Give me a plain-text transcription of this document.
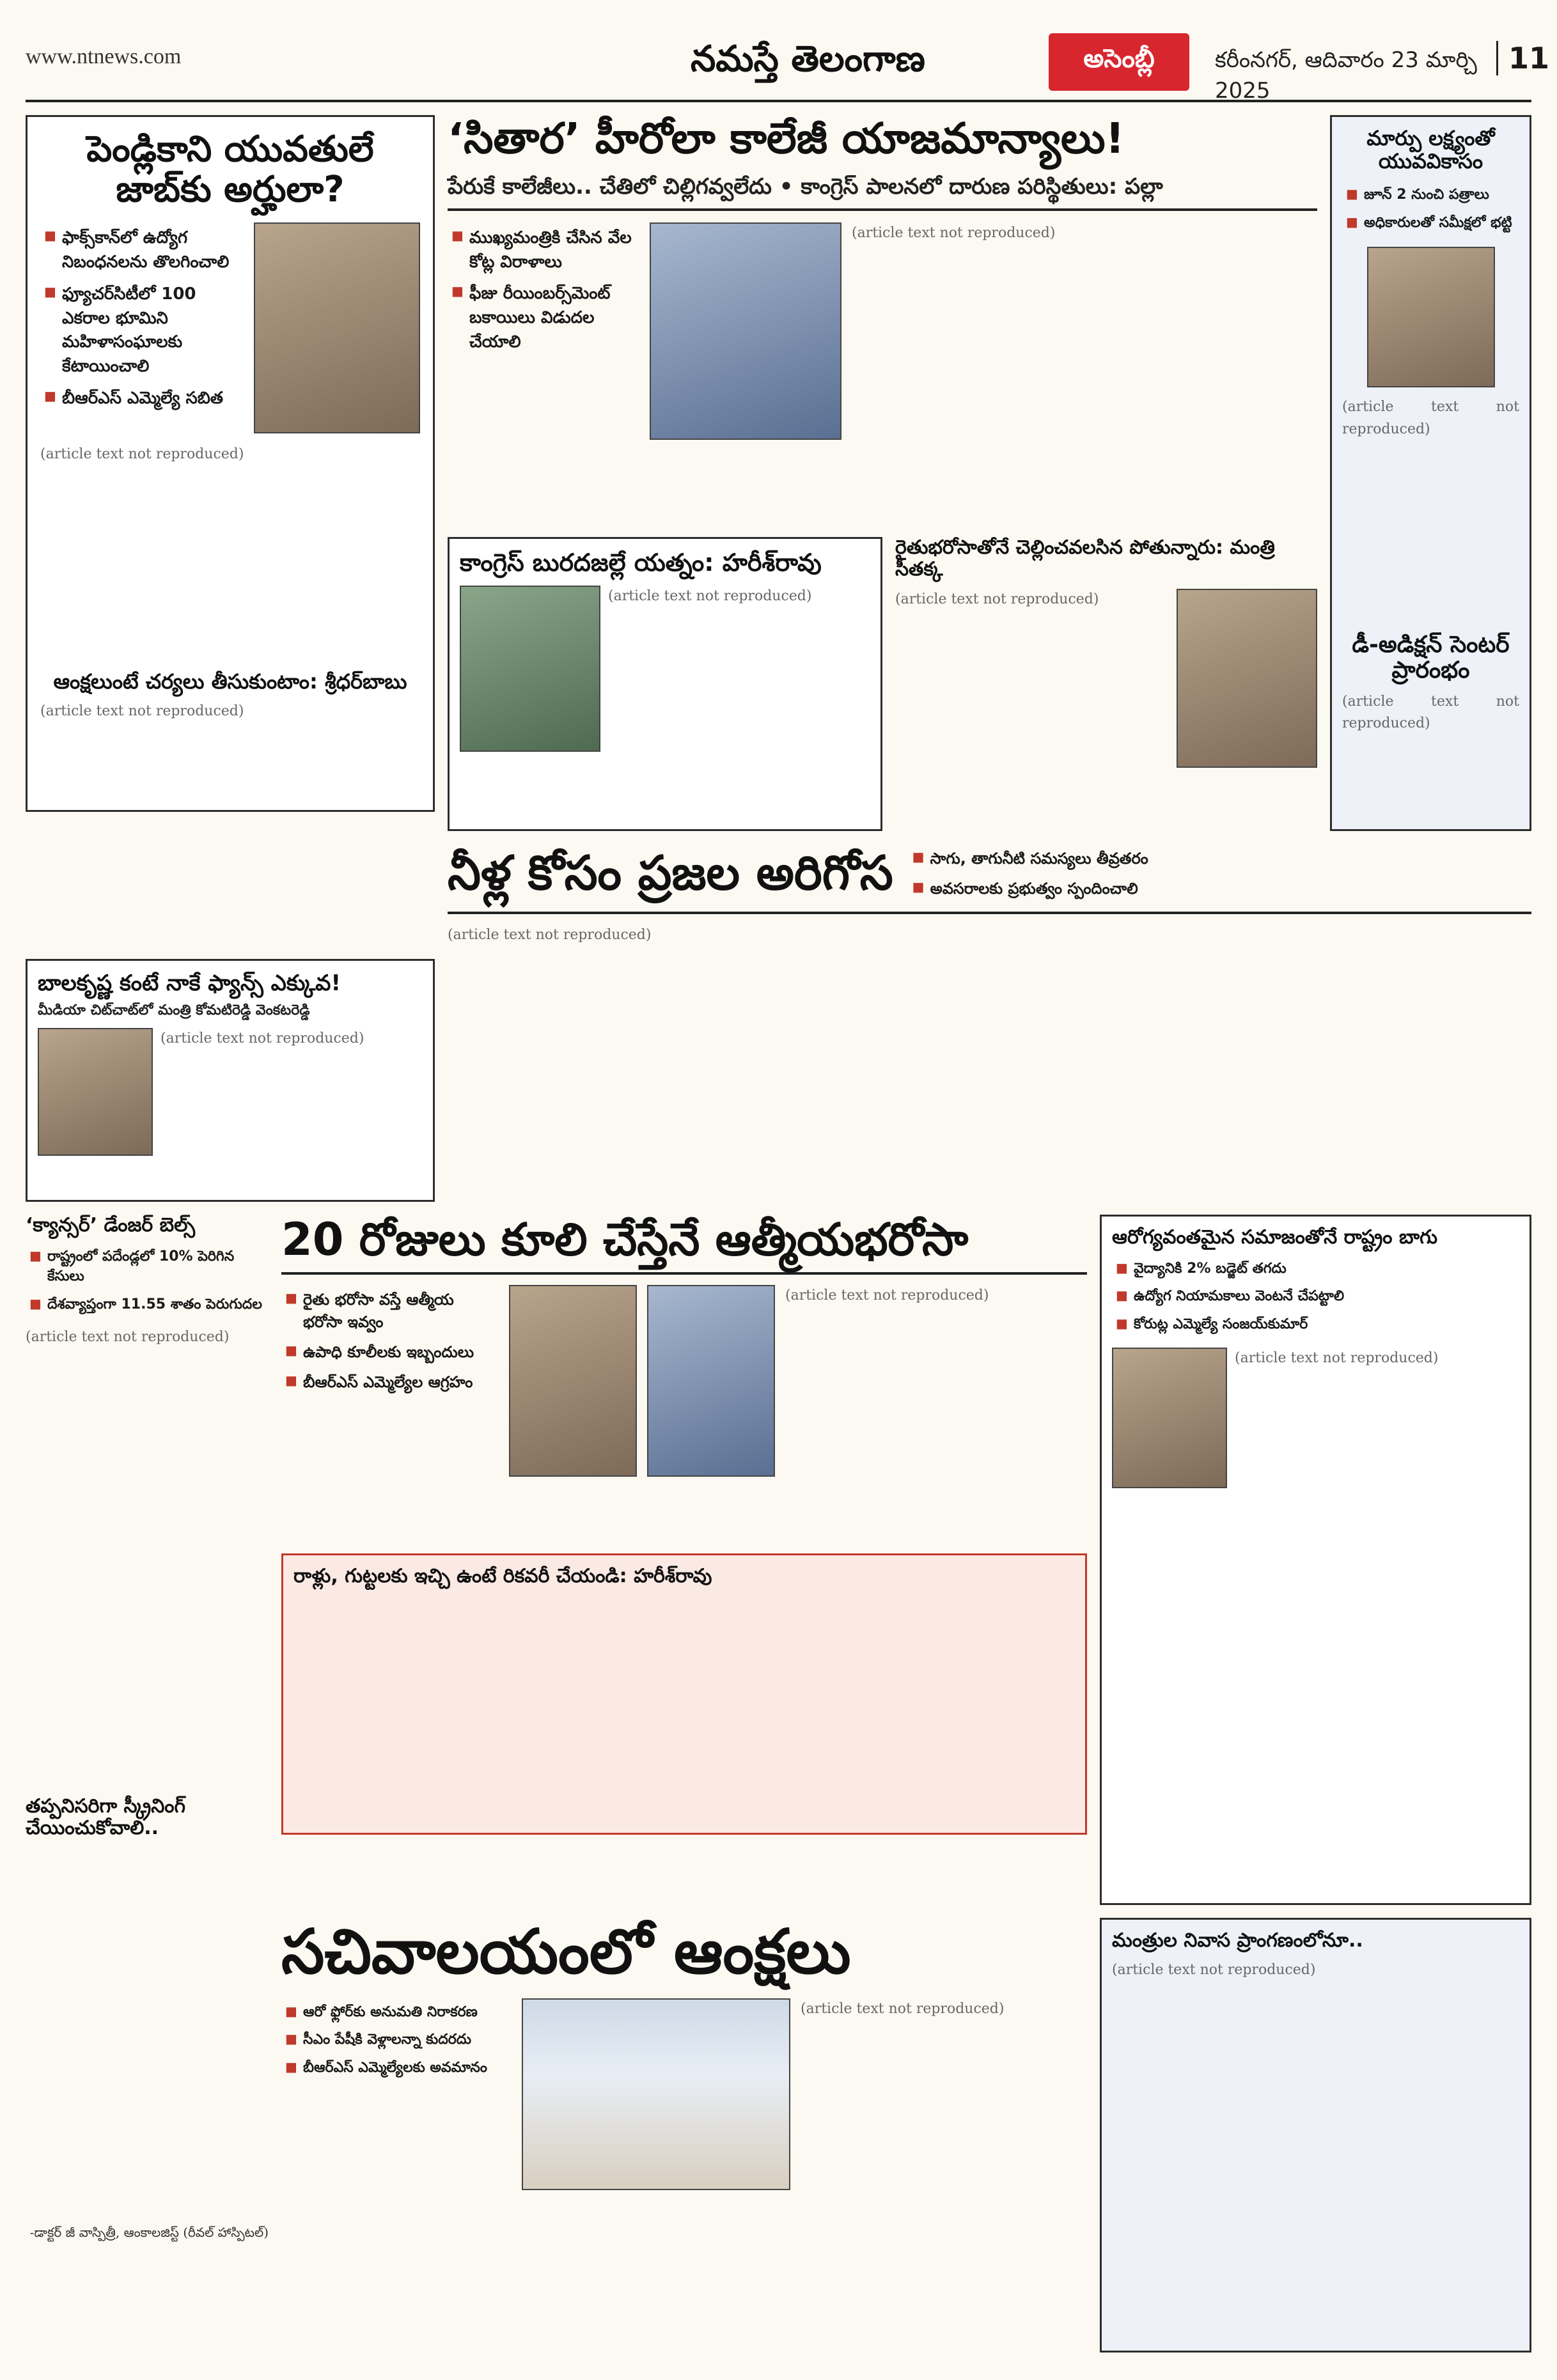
www.ntnews.com	నమస్తే తెలంగాణ	అసెంబ్లీ	కరీంనగర్, ఆదివారం 23 మార్చి 2025
11
పెండ్లికాని యువతులే జాబ్‌కు అర్హులా?
■ ఫాక్స్‌కాన్‌లో ఉద్యోగ నిబంధనలను తొలగించాలి
■ ఫ్యూచర్‌సిటీలో 100 ఎకరాల భూమిని మహిళాసంఘాలకు కేటాయించాలి
■ బీఆర్‌ఎస్ ఎమ్మెల్యే సబిత
(article text not reproduced)
ఆంక్షలుంటే చర్యలు తీసుకుంటాం: శ్రీధర్‌బాబు
(article text not reproduced)
‘సితార’ హీరోలా కాలేజీ యాజమాన్యాలు!
పేరుకే కాలేజీలు.. చేతిలో చిల్లిగవ్వలేదు • కాంగ్రెస్ పాలనలో దారుణ పరిస్థితులు: పల్లా
■ ముఖ్యమంత్రికి చేసిన వేల కోట్ల విరాళాలు
■ ఫీజు రీయింబర్స్‌మెంట్ బకాయిలు విడుదల చేయాలి
(article text not reproduced)
కాంగ్రెస్ బురదజల్లే యత్నం: హరీశ్‌రావు
(article text not reproduced)
రైతుభరోసాతోనే చెల్లించవలసిన పోతున్నారు: మంత్రి సీతక్క
(article text not reproduced)
మార్పు లక్ష్యంతో యువవికాసం
■ జూన్ 2 నుంచి పత్రాలు
■ అధికారులతో సమీక్షలో భట్టి
(article text not reproduced)
డీ-అడిక్షన్ సెంటర్ ప్రారంభం
(article text not reproduced)
నీళ్ల కోసం ప్రజల అరిగోస
■	సాగు, తాగునీటి సమస్యలు తీవ్రతరం
■ అవసరాలకు ప్రభుత్వం స్పందించాలి
(article text not reproduced)
బాలకృష్ణ కంటే నాకే ఫ్యాన్స్ ఎక్కువ!
మీడియా చిట్‌చాట్‌లో మంత్రి కోమటిరెడ్డి వెంకటరెడ్డి
(article text not reproduced)
‘క్యాన్సర్’ డేంజర్ బెల్స్
■ రాష్ట్రంలో పదేండ్లలో 10% పెరిగిన కేసులు
■ దేశవ్యాప్తంగా 11.55 శాతం పెరుగుదల
(article text not reproduced)
తప్పనిసరిగా స్క్రీనింగ్ చేయించుకోవాలి..
-డాక్టర్ జీ వాస్పిత్రీ, ఆంకాలజిస్ట్ (రీవల్ హాస్పిటల్)
20 రోజులు కూలి చేస్తేనే ఆత్మీయభరోసా
■ రైతు భరోసా వస్తే ఆత్మీయ భరోసా ఇవ్వం
■ ఉపాధి కూలీలకు ఇబ్బందులు
■ బీఆర్‌ఎస్ ఎమ్మెల్యేల ఆగ్రహం
(article text not reproduced)
రాళ్లు, గుట్టలకు ఇచ్చి ఉంటే రికవరీ చేయండి: హరీశ్‌రావు
ఆరోగ్యవంతమైన సమాజంతోనే రాష్ట్రం బాగు
■ వైద్యానికి 2% బడ్జెట్ తగదు
■ ఉద్యోగ నియామకాలు వెంటనే చేపట్టాలి
■ కోరుట్ల ఎమ్మెల్యే సంజయ్‌కుమార్
(article text not reproduced)
సచివాలయంలో ఆంక్షలు
■ ఆరో ఫ్లోర్‌కు అనుమతి నిరాకరణ
■ సీఎం పేషీకి వెళ్లాలన్నా కుదరదు
■ బీఆర్‌ఎస్ ఎమ్మెల్యేలకు అవమానం
(article text not reproduced)
మంత్రుల నివాస ప్రాంగణంలోనూ..
(article text not reproduced)
